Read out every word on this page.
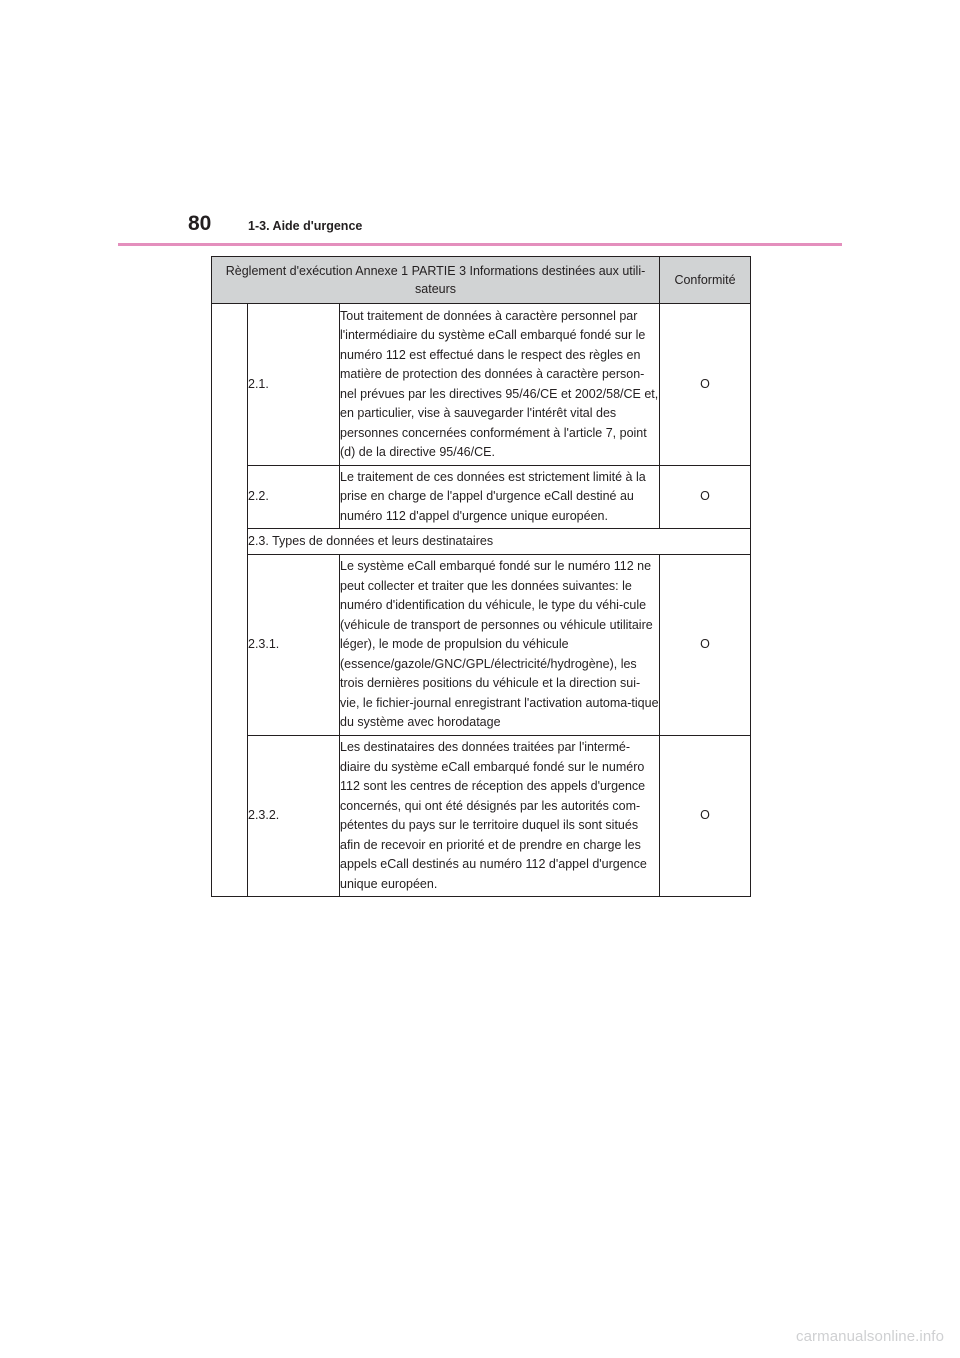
80	1-3. Aide d'urgence
Règlement d'exécution Annexe 1 PARTIE 3 Informations destinées aux utili-sateurs			Conformité
	2.1.	Tout traitement de données à caractère personnel par l'intermédiaire du système eCall embarqué fondé sur le numéro 112 est effectué dans le respect des règles en matière de protection des données à caractère person-nel prévues par les directives 95/46/CE et 2002/58/CE et, en particulier, vise à sauvegarder l'intérêt vital des personnes concernées conformément à l'article 7, point (d) de la directive 95/46/CE.	O
	2.2.	Le traitement de ces données est strictement limité à la prise en charge de l'appel d'urgence eCall destiné au numéro 112 d'appel d'urgence unique européen.	O
	2.3. Types de données et leurs destinataires		
	2.3.1.	Le système eCall embarqué fondé sur le numéro 112 ne peut collecter et traiter que les données suivantes: le numéro d'identification du véhicule, le type du véhi-cule (véhicule de transport de personnes ou véhicule utilitaire léger), le mode de propulsion du véhicule (essence/gazole/GNC/GPL/électricité/hydrogène), les trois dernières positions du véhicule et la direction sui-vie, le fichier-journal enregistrant l'activation automa-tique du système avec horodatage	O
	2.3.2.	Les destinataires des données traitées par l'intermé-diaire du système eCall embarqué fondé sur le numéro 112 sont les centres de réception des appels d'urgence concernés, qui ont été désignés par les autorités com-pétentes du pays sur le territoire duquel ils sont situés afin de recevoir en priorité et de prendre en charge les appels eCall destinés au numéro 112 d'appel d'urgence unique européen.	O
carmanualsonline.info
